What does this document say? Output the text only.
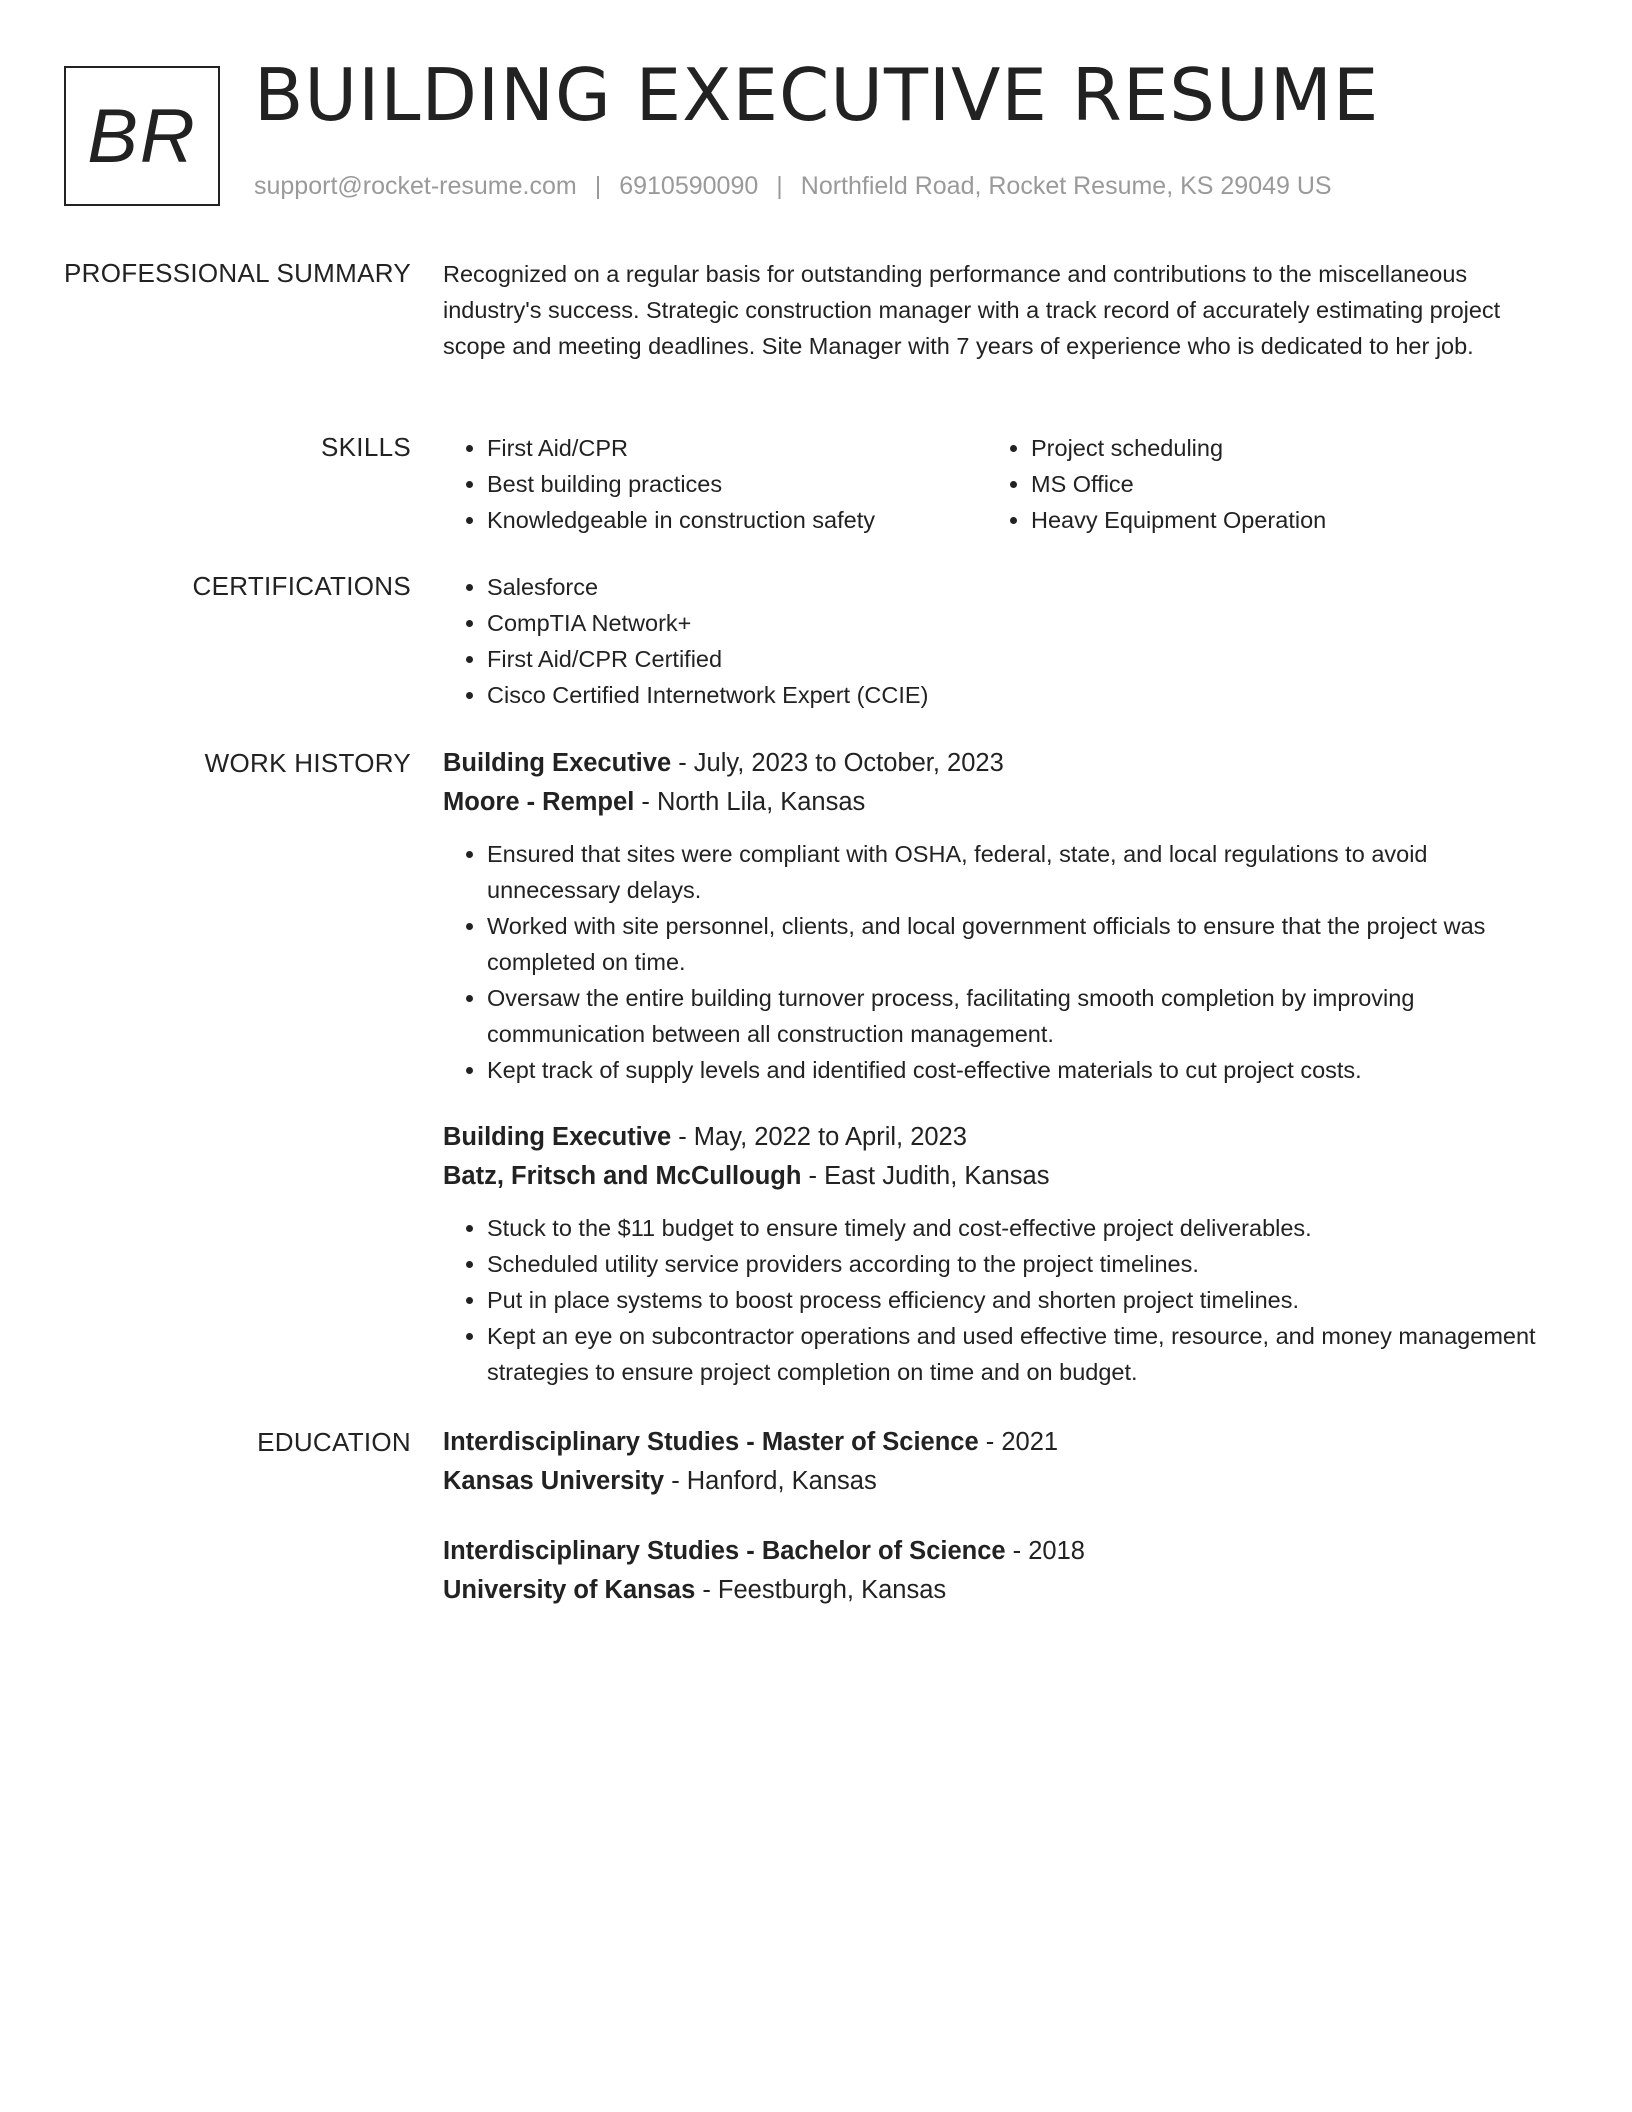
BR BUILDING EXECUTIVE RESUME
support@rocket-resume.com | 6910590090 | Northfield Road, Rocket Resume, KS 29049 US
PROFESSIONAL SUMMARY Recognized on a regular basis for outstanding performance and contributions to the miscellaneous industry's success. Strategic construction manager with a track record of accurately estimating project scope and meeting deadlines. Site Manager with 7 years of experience who is dedicated to her job.

SKILLS	• First Aid/CPR
• Best building practices
• Knowledgeable in construction safety
• Project scheduling
• MS Office
• Heavy Equipment Operation
CERTIFICATIONS	• Salesforce
• CompTIA Network+
• First Aid/CPR Certified
• Cisco Certified Internetwork Expert (CCIE)
WORK HISTORY Building Executive - July, 2023 to October, 2023
Moore - Rempel - North Lila, Kansas
• Ensured that sites were compliant with OSHA, federal, state, and local regulations to avoid unnecessary delays.
• Worked with site personnel, clients, and local government officials to ensure that the project was completed on time.
• Oversaw the entire building turnover process, facilitating smooth completion by improving communication between all construction management.
• Kept track of supply levels and identified cost-effective materials to cut project costs.
Building Executive - May, 2022 to April, 2023
Batz, Fritsch and McCullough - East Judith, Kansas
• Stuck to the $11 budget to ensure timely and cost-effective project deliverables.
• Scheduled utility service providers according to the project timelines.
• Put in place systems to boost process efficiency and shorten project timelines.
• Kept an eye on subcontractor operations and used effective time, resource, and money management strategies to ensure project completion on time and on budget.
EDUCATION Interdisciplinary Studies - Master of Science - 2021
Kansas University - Hanford, Kansas
Interdisciplinary Studies - Bachelor of Science - 2018
University of Kansas - Feestburgh, Kansas
